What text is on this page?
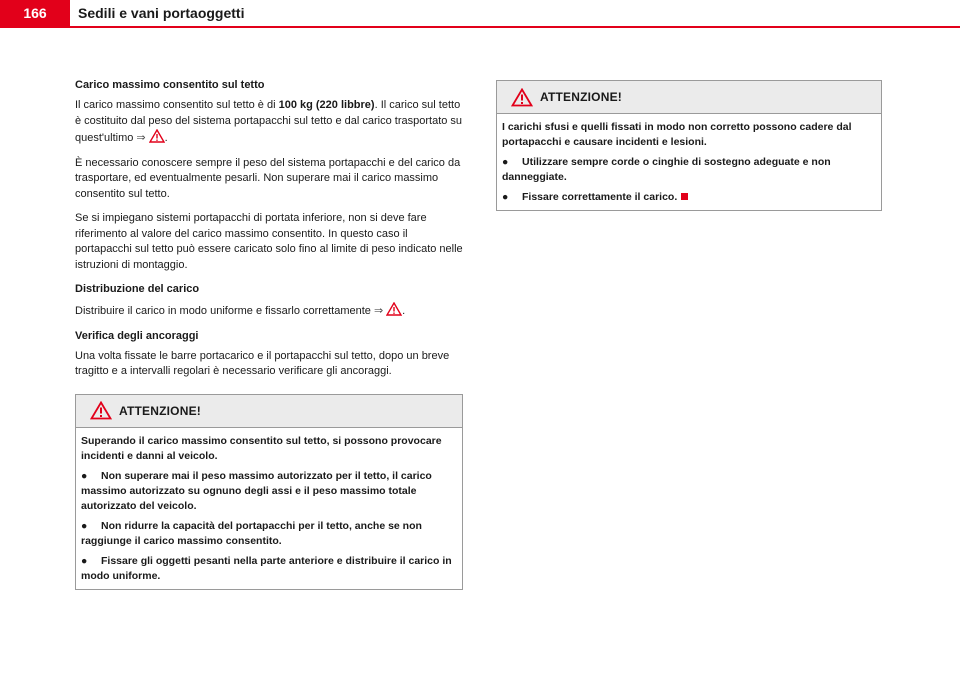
166	Sedili e vani portaoggetti
Carico massimo consentito sul tetto

Il carico massimo consentito sul tetto è di 100 kg (220 libbre). Il carico sul tetto è costituito dal peso del sistema portapacchi sul tetto e dal carico trasportato su quest'ultimo ⇒ .

È necessario conoscere sempre il peso del sistema portapacchi e del carico da trasportare, ed eventualmente pesarli. Non superare mai il carico massimo consentito sul tetto.

Se si impiegano sistemi portapacchi di portata inferiore, non si deve fare riferimento al valore del carico massimo consentito. In questo caso il portapacchi sul tetto può essere caricato solo fino al limite di peso indicato nelle istruzioni di montaggio.

Distribuzione del carico

Distribuire il carico in modo uniforme e fissarlo correttamente ⇒ .

Verifica degli ancoraggi

Una volta fissate le barre portacarico e il portapacchi sul tetto, dopo un breve tragitto e a intervalli regolari è necessario verificare gli ancoraggi.

ATTENZIONE!

Superando il carico massimo consentito sul tetto, si possono provocare incidenti e danni al veicolo.

● Non superare mai il peso massimo autorizzato per il tetto, il carico massimo autorizzato su ognuno degli assi e il peso massimo totale autorizzato del veicolo.

● Non ridurre la capacità del portapacchi per il tetto, anche se non raggiunge il carico massimo consentito.

● Fissare gli oggetti pesanti nella parte anteriore e distribuire il carico in modo uniforme.

ATTENZIONE!

I carichi sfusi e quelli fissati in modo non corretto possono cadere dal portapacchi e causare incidenti e lesioni.

● Utilizzare sempre corde o cinghie di sostegno adeguate e non danneggiate.

● Fissare correttamente il carico.
